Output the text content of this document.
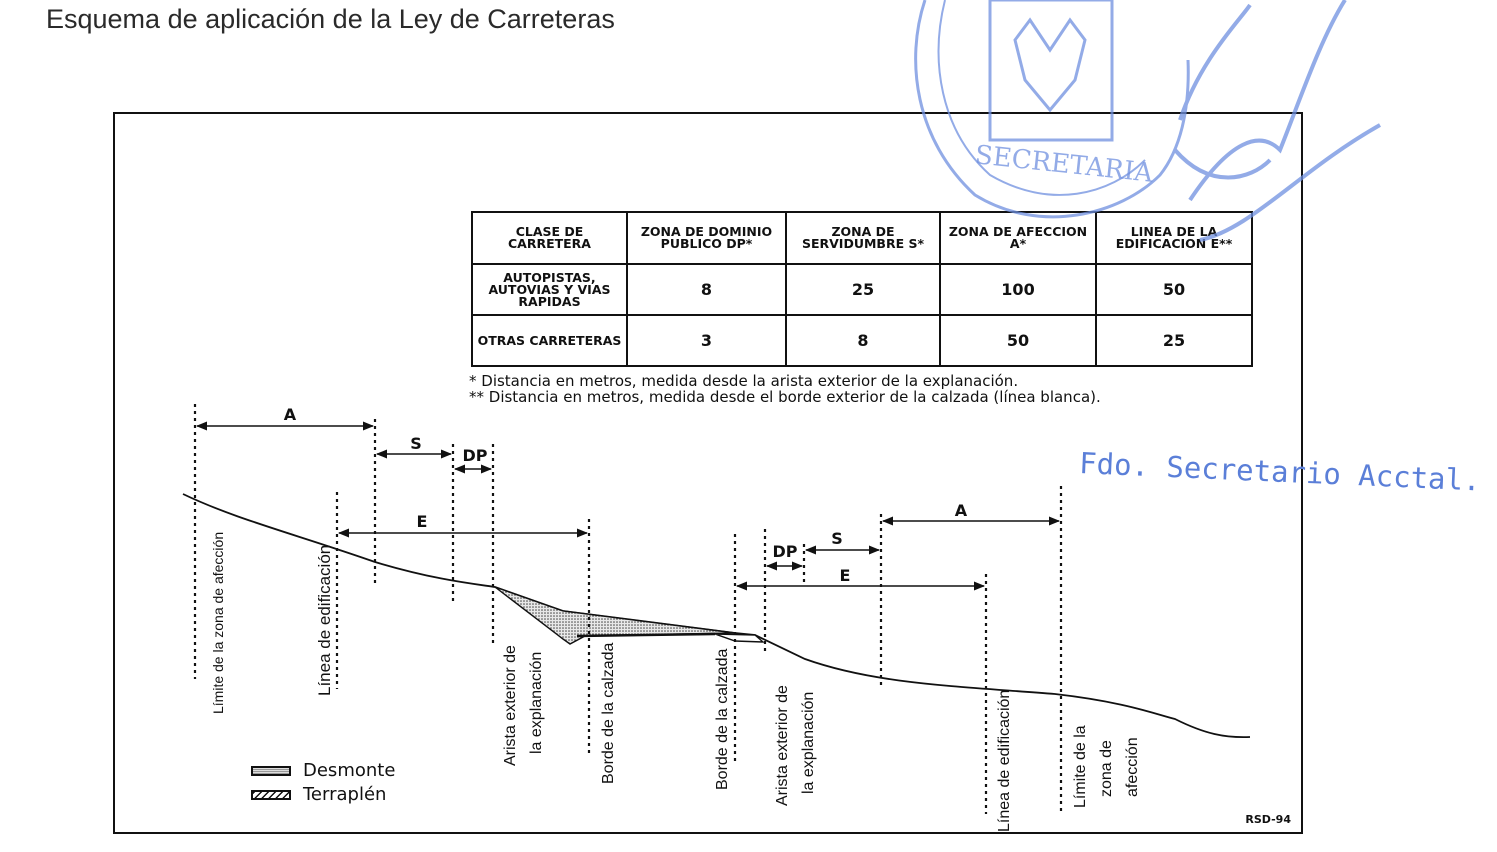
Esquema de aplicación de la Ley de Carreteras
CLASE DE CARRETERA	ZONA DE DOMINIO PUBLICO DP*	ZONA DE SERVIDUMBRE S*	ZONA DE AFECCION A*	LINEA DE LA EDIFICACION E**
AUTOPISTAS, AUTOVIAS Y VIAS RAPIDAS	8	25	100	50
OTRAS CARRETERAS	3	8	50	25

* Distancia en metros, medida desde la arista exterior de la explanación.

** Distancia en metros, medida desde el borde exterior de la calzada (línea blanca).

A
S
DP
E
A
S
DP
E
Límite de la zona de afección	Línea de edificación
Arista exterior de la explanación	Borde de la calzada	Borde de la calzada	Arista exterior de la explanación	Línea de edificación	Límite de la zona de afección
Desmonte
Terraplén
RSD-94
SECRETARIA

Fdo. Secretario Acctal.
